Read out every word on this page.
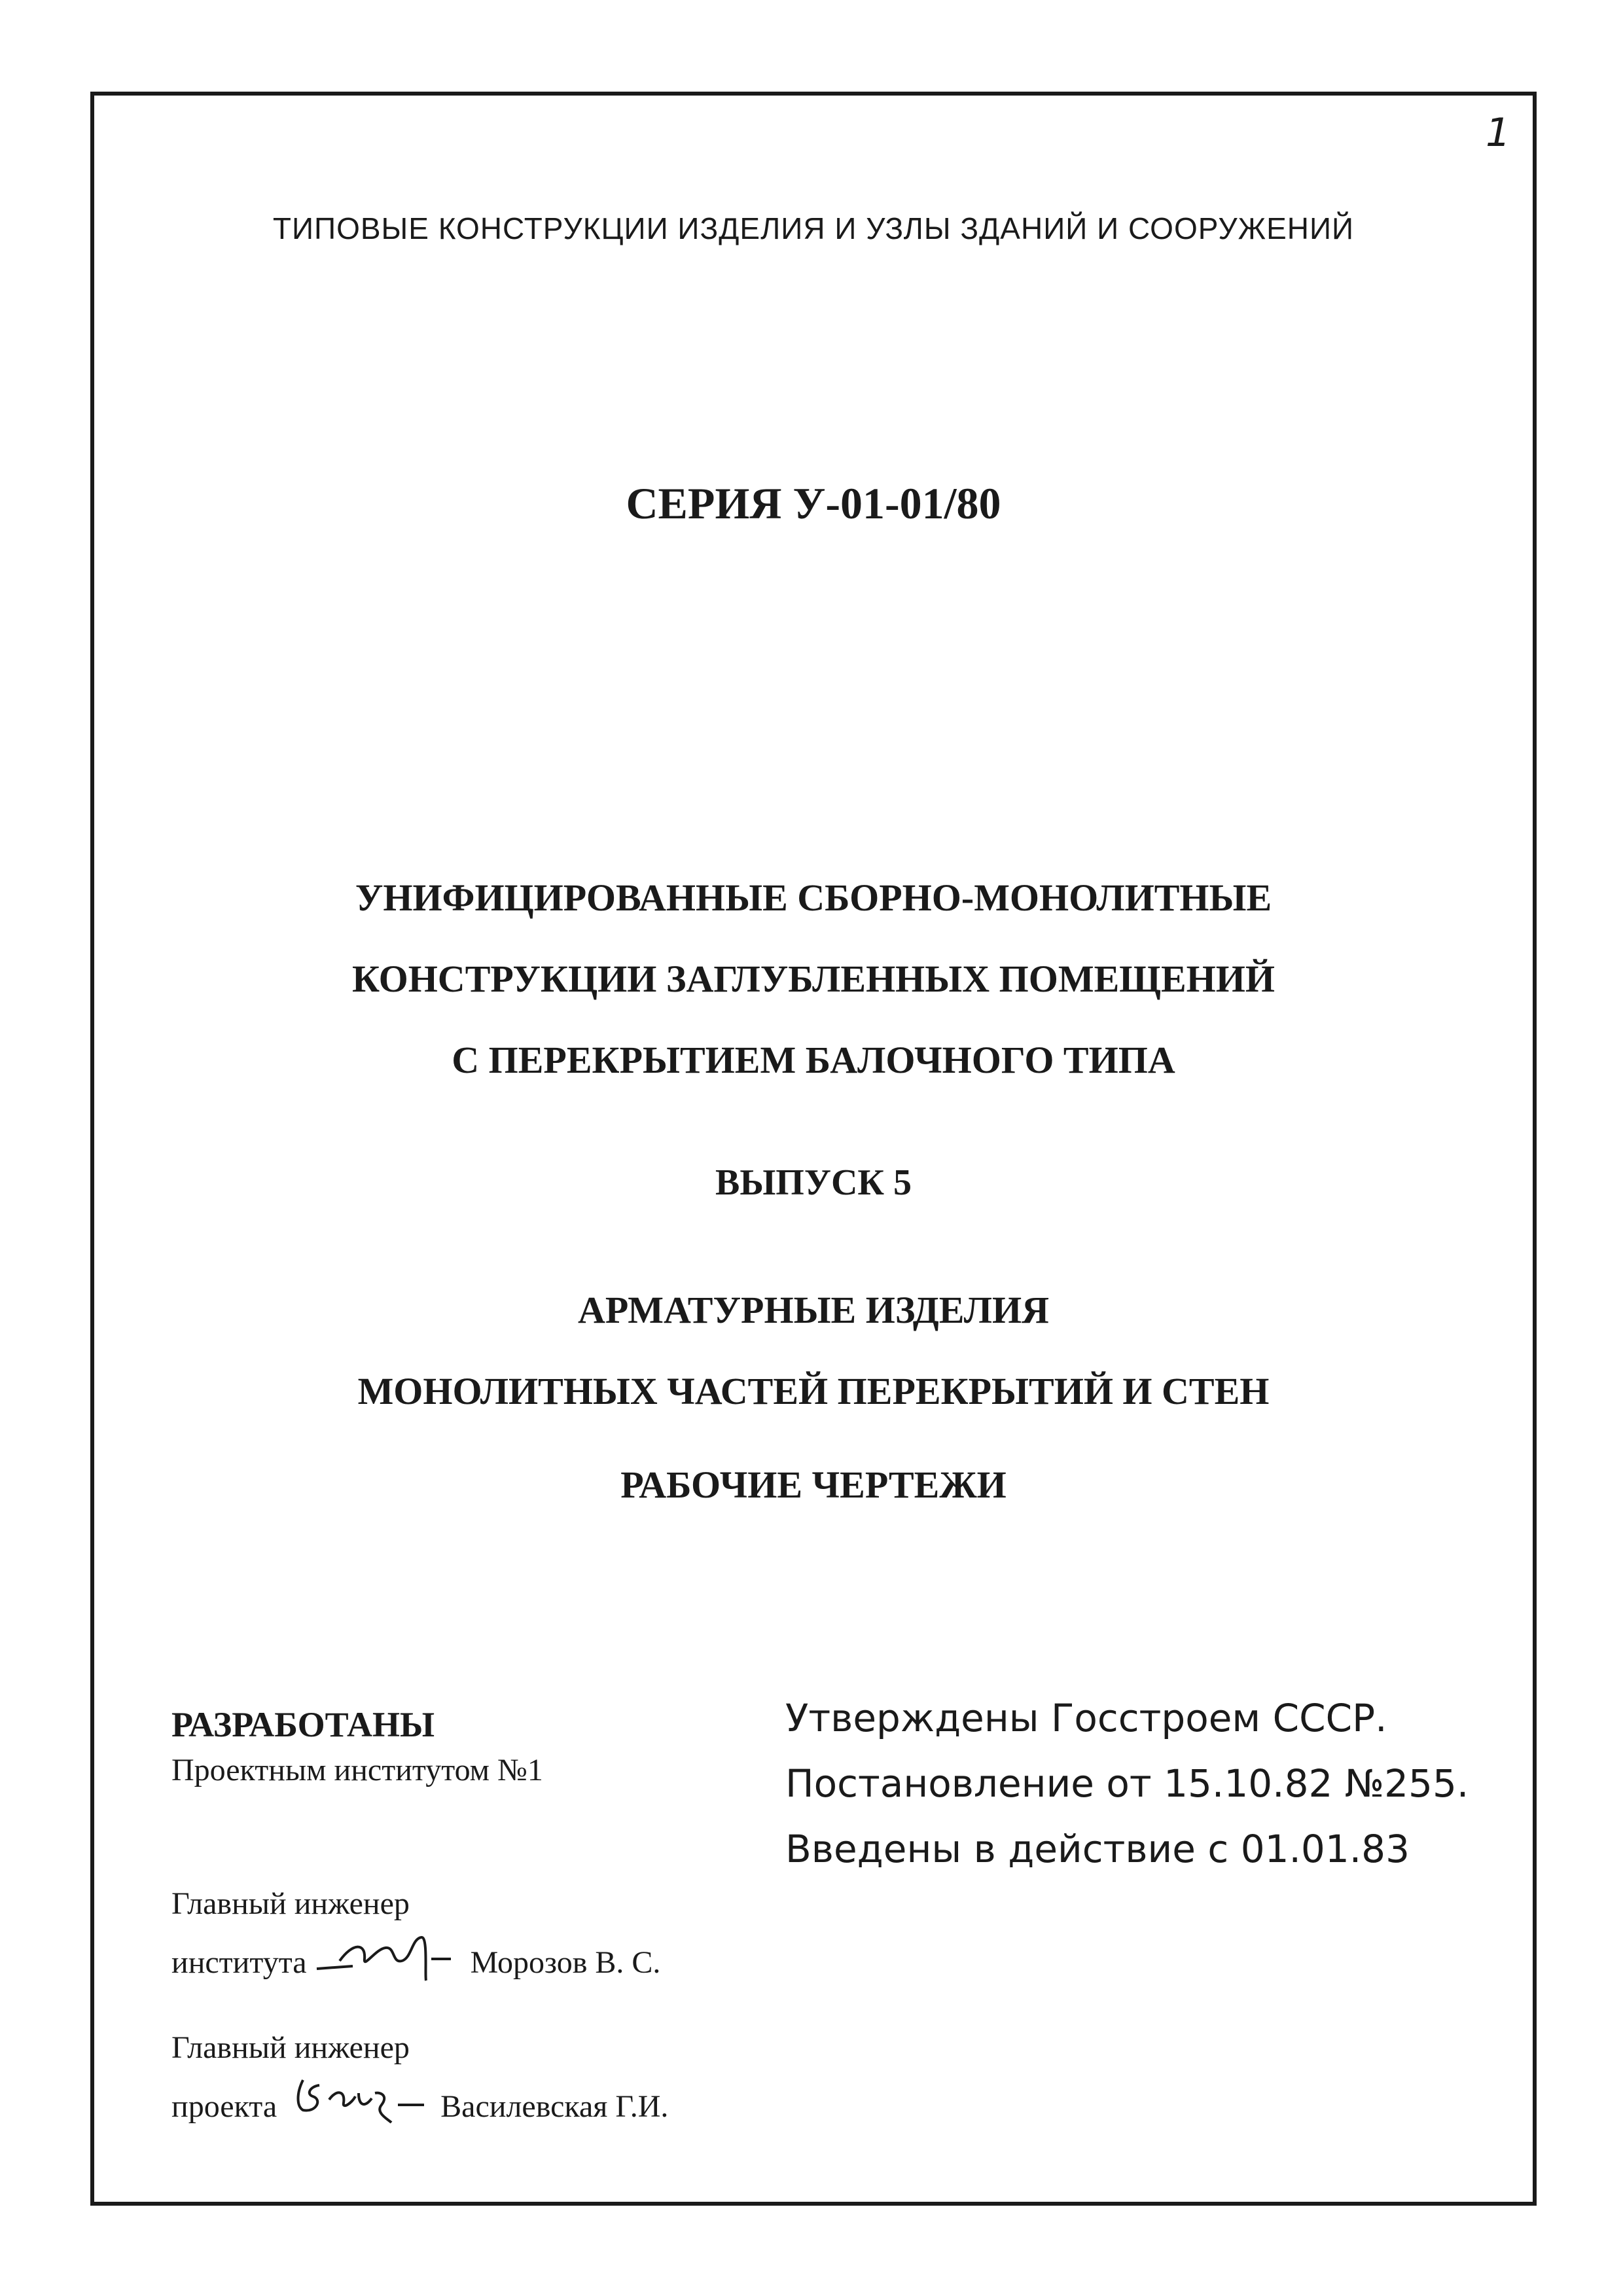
1
ТИПОВЫЕ КОНСТРУКЦИИ ИЗДЕЛИЯ И УЗЛЫ ЗДАНИЙ И СООРУЖЕНИЙ
СЕРИЯ У-01-01/80
УНИФИЦИРОВАННЫЕ СБОРНО-МОНОЛИТНЫЕ
КОНСТРУКЦИИ ЗАГЛУБЛЕННЫХ ПОМЕЩЕНИЙ
С ПЕРЕКРЫТИЕМ БАЛОЧНОГО ТИПА
ВЫПУСК 5
АРМАТУРНЫЕ ИЗДЕЛИЯ
МОНОЛИТНЫХ ЧАСТЕЙ ПЕРЕКРЫТИЙ И СТЕН
РАБОЧИЕ ЧЕРТЕЖИ
РАЗРАБОТАНЫ
Проектным институтом №1
Утверждены Госстроем СССР.
Постановление от 15.10.82 №255.
Введены в действие с 01.01.83
Главный инженер
института	Морозов В. С.
Главный инженер
проекта	Василевская Г.И.
